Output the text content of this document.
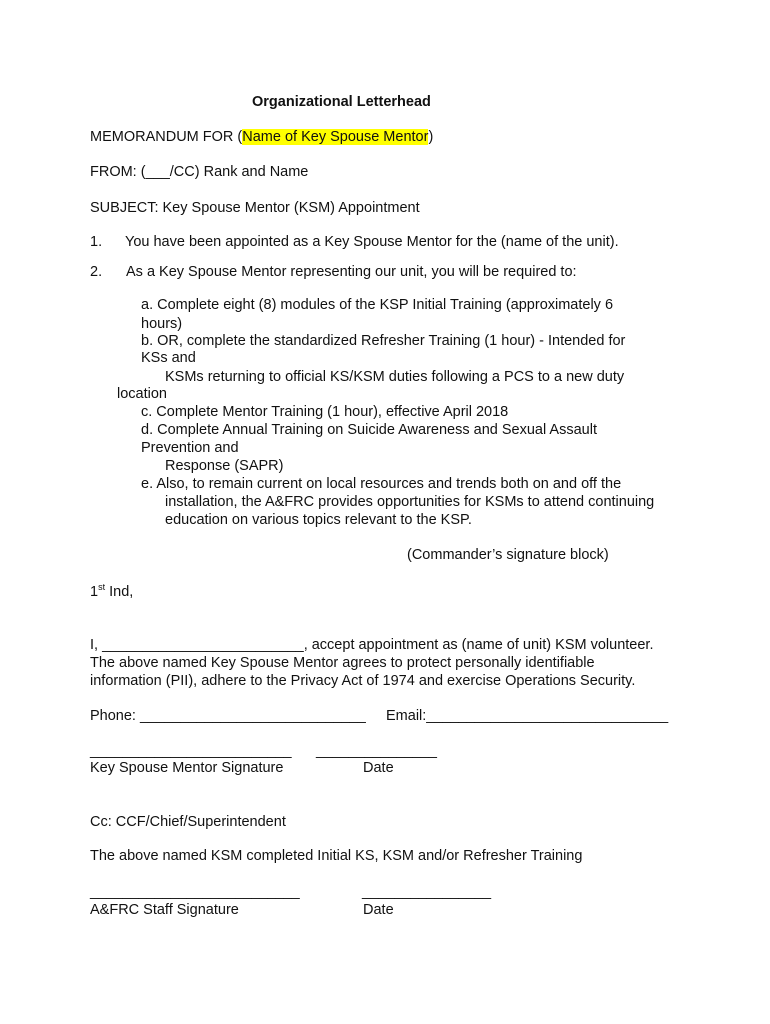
Organizational Letterhead
MEMORANDUM FOR (Name of Key Spouse Mentor)
FROM: (___/CC) Rank and Name
SUBJECT: Key Spouse Mentor (KSM) Appointment
1. You have been appointed as a Key Spouse Mentor for the (name of the unit).
2. As a Key Spouse Mentor representing our unit, you will be required to:
a. Complete eight (8) modules of the KSP Initial Training (approximately 6
hours)
b. OR, complete the standardized Refresher Training (1 hour) - Intended for
KSs and
KSMs returning to official KS/KSM duties following a PCS to a new duty
location
c. Complete Mentor Training (1 hour), effective April 2018
d. Complete Annual Training on Suicide Awareness and Sexual Assault
Prevention and
Response (SAPR)
e. Also, to remain current on local resources and trends both on and off the
installation, the A&FRC provides opportunities for KSMs to attend continuing
education on various topics relevant to the KSP.
(Commander’s signature block)
1st Ind,
I, _________________________, accept appointment as (name of unit) KSM volunteer.
The above named Key Spouse Mentor agrees to protect personally identifiable
information (PII), adhere to the Privacy Act of 1974 and exercise Operations Security.
Phone: ____________________________ Email:______________________________
_________________________ _______________
Key Spouse Mentor Signature	Date
Cc: CCF/Chief/Superintendent
The above named KSM completed Initial KS, KSM and/or Refresher Training
__________________________	________________
A&FRC Staff Signature	Date
